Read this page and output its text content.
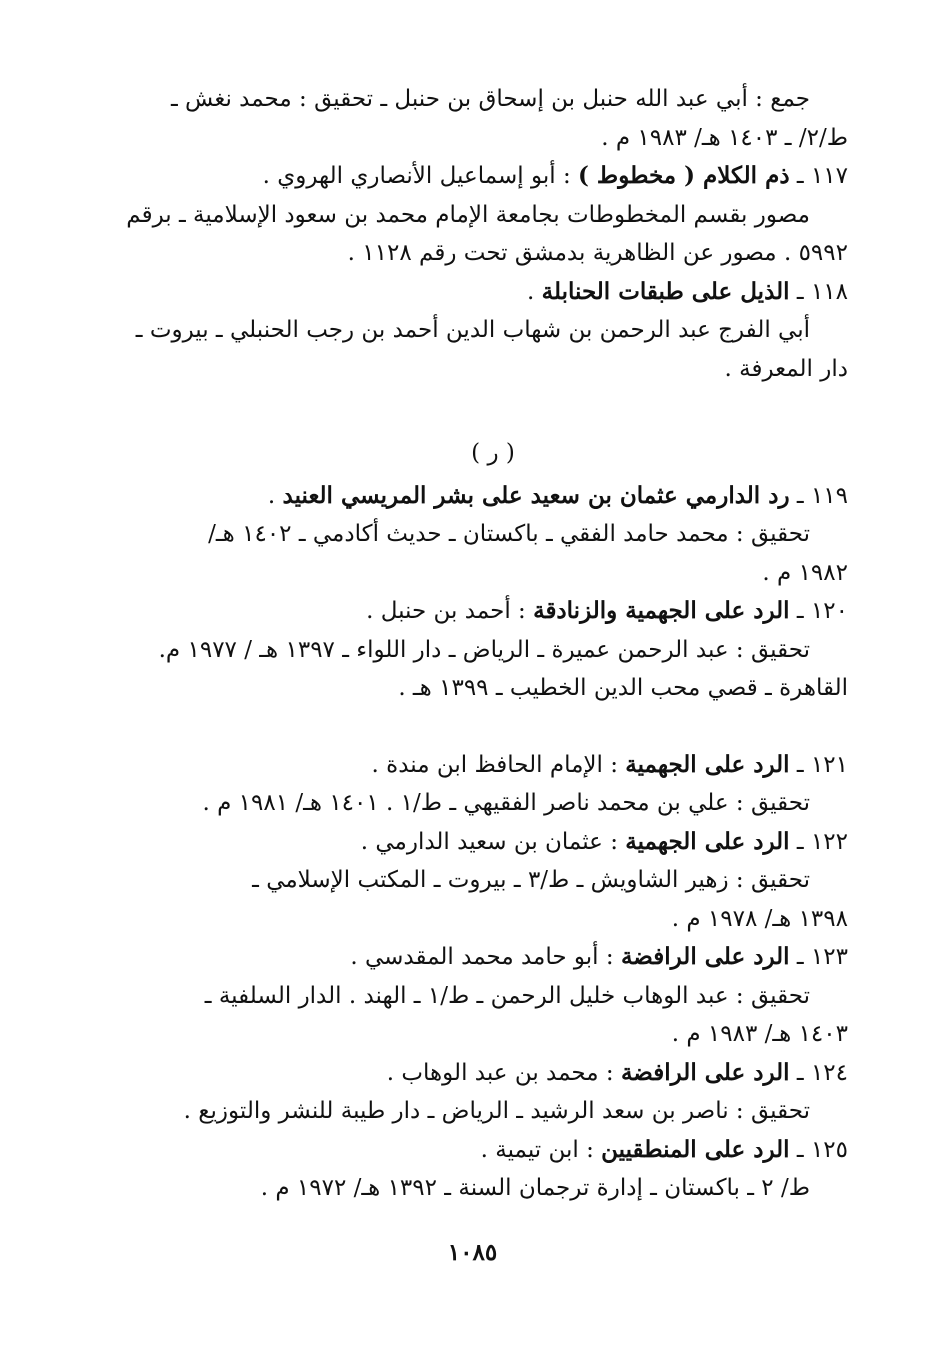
جمع : أبي عبد الله حنبل بن إسحاق بن حنبل ـ تحقيق : محمد نغش ـ
ط/٢/ ـ ١٤٠٣ هـ/ ١٩٨٣ م .
١١٧ ـ ذم الكلام ( مخطوط ) : أبو إسماعيل الأنصاري الهروي .
مصور بقسم المخطوطات بجامعة الإمام محمد بن سعود الإسلامية ـ برقم
٥٩٩٢ . مصور عن الظاهرية بدمشق تحت رقم ١١٢٨ .
١١٨ ـ الذيل على طبقات الحنابلة .
أبي الفرج عبد الرحمن بن شهاب الدين أحمد بن رجب الحنبلي ـ بيروت ـ
دار المعرفة .
( ر )
١١٩ ـ رد الدارمي عثمان بن سعيد على بشر المريسي العنيد .
تحقيق : محمد حامد الفقي ـ باكستان ـ حديث أكادمي ـ ١٤٠٢ هـ/
١٩٨٢ م .
١٢٠ ـ الرد على الجهمية والزنادقة : أحمد بن حنبل .
تحقيق : عبد الرحمن عميرة ـ الرياض ـ دار اللواء ـ ١٣٩٧ هـ / ١٩٧٧ م.
القاهرة ـ قصي محب الدين الخطيب ـ ١٣٩٩ هـ .
١٢١ ـ الرد على الجهمية : الإمام الحافظ ابن مندة .
تحقيق : علي بن محمد ناصر الفقيهي ـ ط/١ . ١٤٠١ هـ/ ١٩٨١ م .
١٢٢ ـ الرد على الجهمية : عثمان بن سعيد الدارمي .
تحقيق : زهير الشاويش ـ ط/٣ ـ بيروت ـ المكتب الإسلامي ـ
١٣٩٨ هـ/ ١٩٧٨ م .
١٢٣ ـ الرد على الرافضة : أبو حامد محمد المقدسي .
تحقيق : عبد الوهاب خليل الرحمن ـ ط/١ ـ الهند . الدار السلفية ـ
١٤٠٣ هـ/ ١٩٨٣ م .
١٢٤ ـ الرد على الرافضة : محمد بن عبد الوهاب .
تحقيق : ناصر بن سعد الرشيد ـ الرياض ـ دار طيبة للنشر والتوزيع .
١٢٥ ـ الرد على المنطقيين : ابن تيمية .
ط/ ٢ ـ باكستان ـ إدارة ترجمان السنة ـ ١٣٩٢ هـ/ ١٩٧٢ م .
١٠٨٥
